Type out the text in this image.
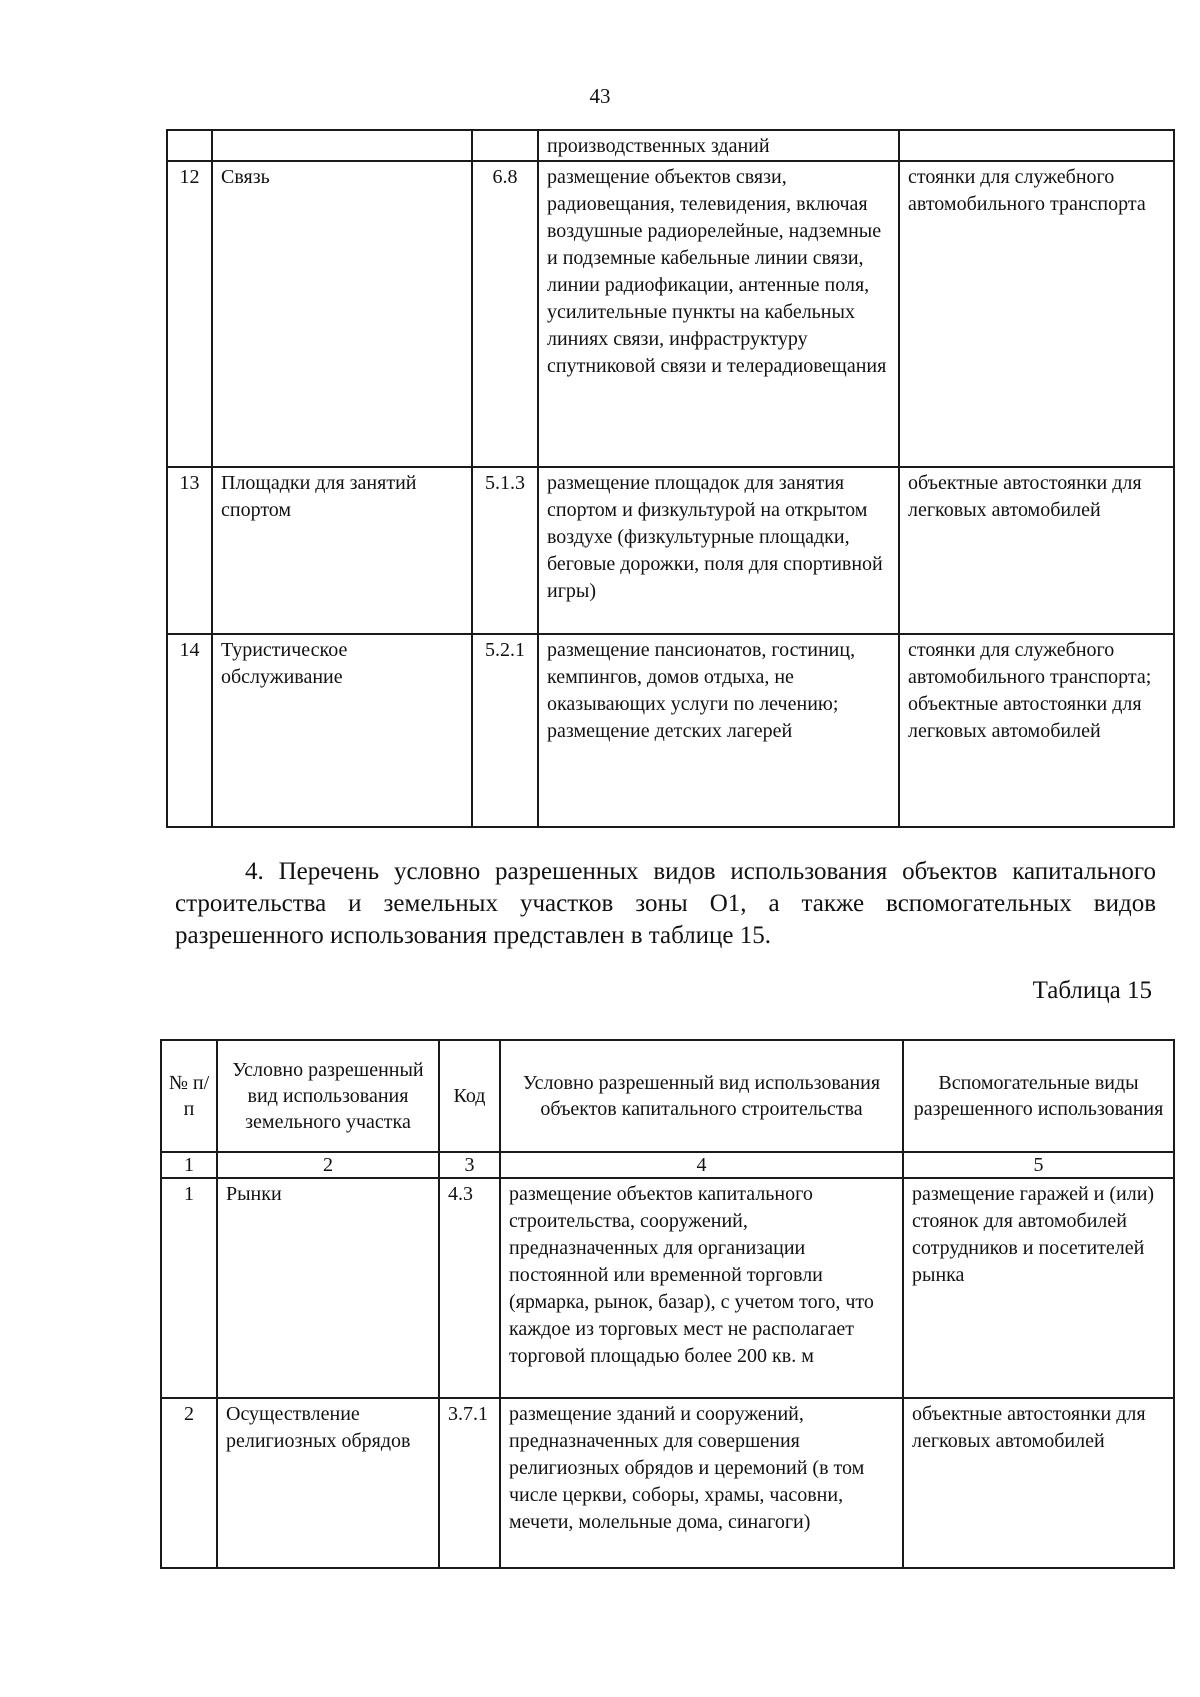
43
			производственных зданий	
12	Связь	6.8	размещение объектов связи, радиовещания, телевидения, включая воздушные радиорелейные, надземные и подземные кабельные линии связи, линии радиофикации, антенные поля, усилительные пункты на кабельных линиях связи, инфраструктуру спутниковой связи и телерадиовещания	стоянки для служебного автомобильного транспорта
13	Площадки для занятий спортом	5.1.3	размещение площадок для занятия спортом и физкультурой на открытом воздухе (физкультурные площадки, беговые дорожки, поля для спортивной игры)	объектные автостоянки для легковых автомобилей
14	Туристическое обслуживание	5.2.1	размещение пансионатов, гостиниц, кемпингов, домов отдыха, не оказывающих услуги по лечению; размещение детских лагерей	стоянки для служебного автомобильного транспорта; объектные автостоянки для легковых автомобилей
4. Перечень условно разрешенных видов использования объектов капитального строительства и земельных участков зоны О1, а также вспомогательных видов разрешенного использования представлен в таблице 15.
Таблица 15
№ п/п	Условно разрешенный вид использования земельного участка	Код	Условно разрешенный вид использования объектов капитального строительства	Вспомогательные виды разрешенного использования
1	2	3	4	5
1	Рынки	4.3	размещение объектов капитального строительства, сооружений, предназначенных для организации постоянной или временной торговли (ярмарка, рынок, базар), с учетом того, что каждое из торговых мест не располагает торговой площадью более 200 кв. м	размещение гаражей и (или) стоянок для автомобилей сотрудников и посетителей рынка
2	Осуществление религиозных обрядов	3.7.1	размещение зданий и сооружений, предназначенных для совершения религиозных обрядов и церемоний (в том числе церкви, соборы, храмы, часовни, мечети, молельные дома, синагоги)	объектные автостоянки для легковых автомобилей
